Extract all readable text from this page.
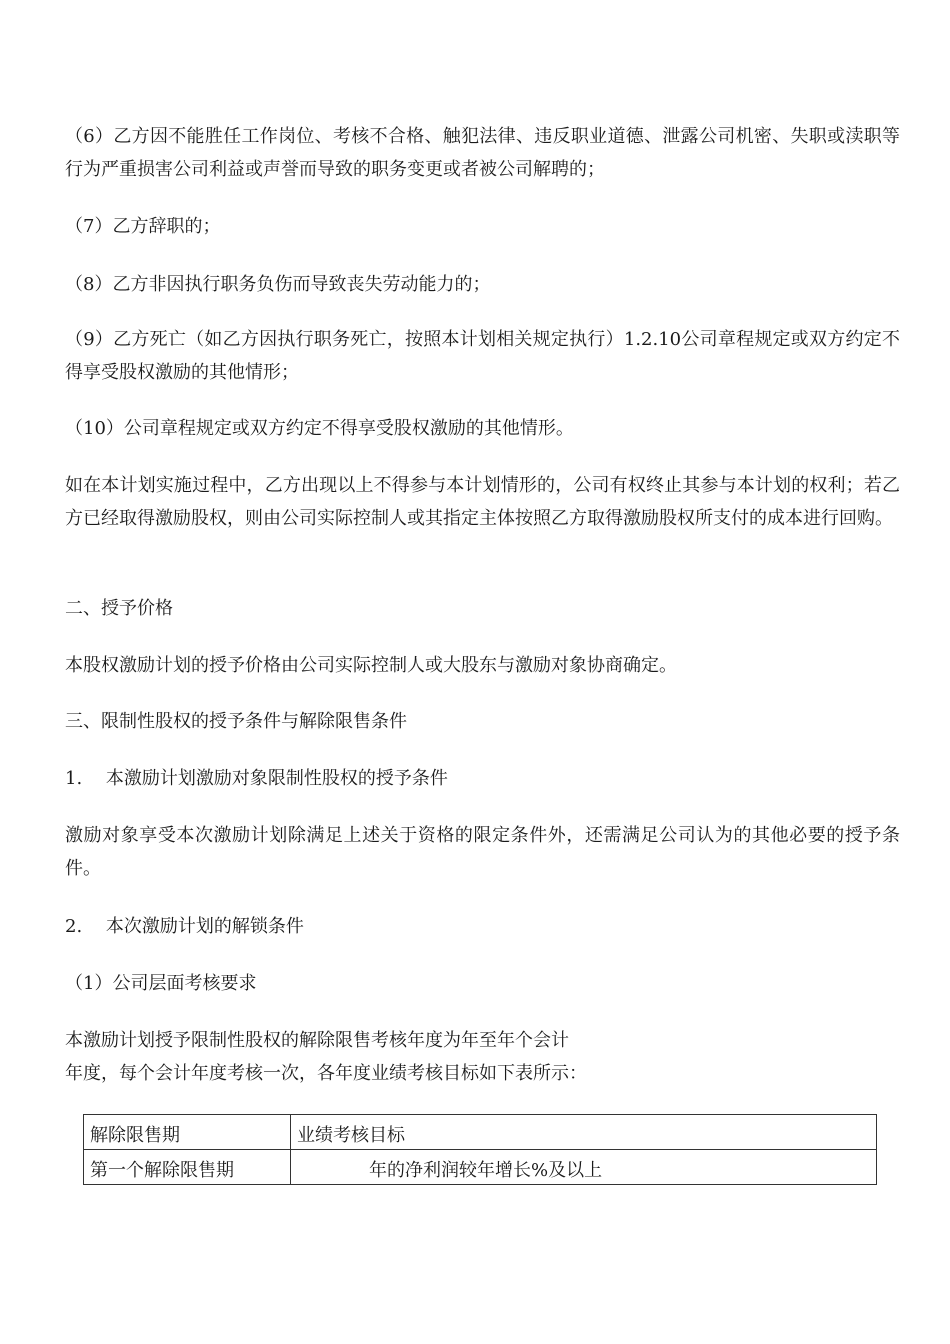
（6）乙方因不能胜任工作岗位、考核不合格、触犯法律、违反职业道德、泄露公司机密、失职或渎职等行为严重损害公司利益或声誉而导致的职务变更或者被公司解聘的；

（7）乙方辞职的；

（8）乙方非因执行职务负伤而导致丧失劳动能力的；

（9）乙方死亡（如乙方因执行职务死亡，按照本计划相关规定执行）1.2.10公司章程规定或双方约定不得享受股权激励的其他情形；

（10）公司章程规定或双方约定不得享受股权激励的其他情形。

如在本计划实施过程中，乙方出现以上不得参与本计划情形的，公司有权终止其参与本计划的权利；若乙方已经取得激励股权，则由公司实际控制人或其指定主体按照乙方取得激励股权所支付的成本进行回购。

二、授予价格

本股权激励计划的授予价格由公司实际控制人或大股东与激励对象协商确定。

三、限制性股权的授予条件与解除限售条件

1.　 本激励计划激励对象限制性股权的授予条件

激励对象享受本次激励计划除满足上述关于资格的限定条件外，还需满足公司认为的其他必要的授予条件。

2.　 本次激励计划的解锁条件

（1）公司层面考核要求

本激励计划授予限制性股权的解除限售考核年度为年至年个会计

年度，每个会计年度考核一次，各年度业绩考核目标如下表所示：

解除限售期	业绩考核目标
第一个解除限售期	年的净利润较年增长%及以上
